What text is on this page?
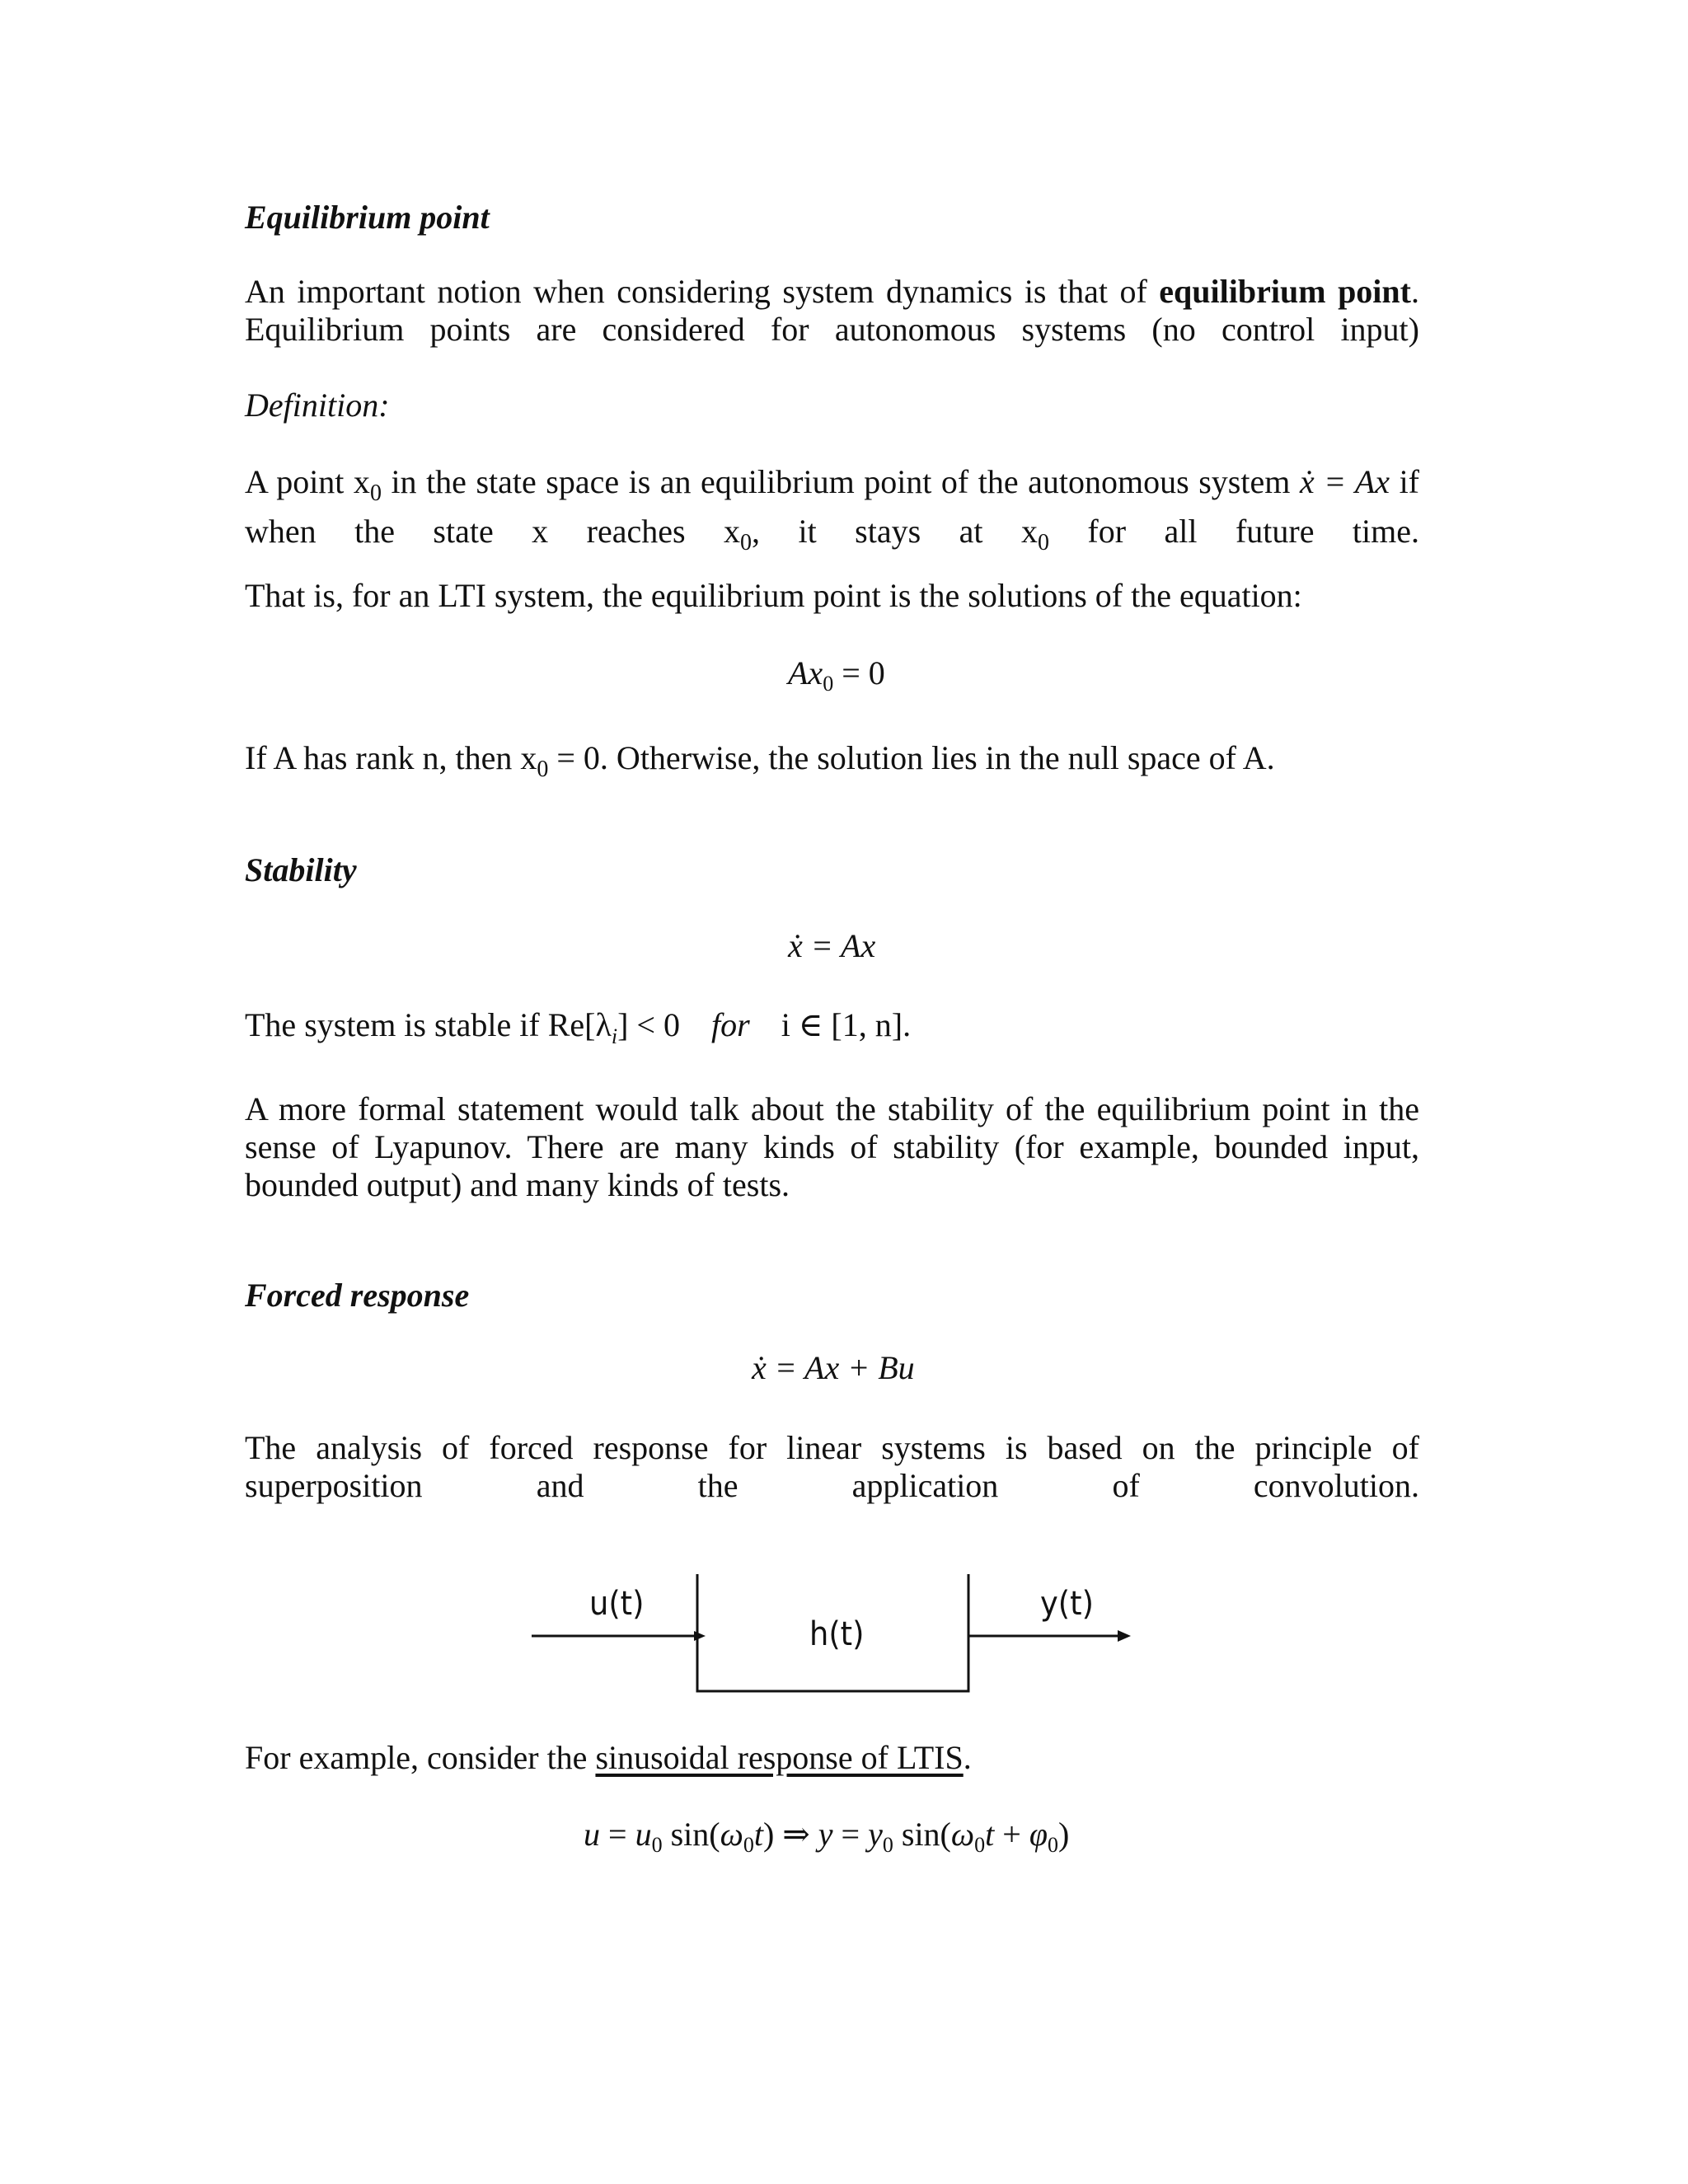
Equilibrium point
An important notion when considering system dynamics is that of equilibrium point. Equilibrium points are considered for autonomous systems (no control input)
Definition:
A point $x_0$ in the state space is an equilibrium point of the autonomous system ẋ = Ax if when the state x reaches $x_0$, it stays at $x_0$ for all future time.
That is, for an LTI system, the equilibrium point is the solutions of the equation:
$Ax_0 = 0$
If A has rank n, then $x_0 = 0$. Otherwise, the solution lies in the null space of A.
Stability
ẋ = Ax
The system is stable if $Re[\lambda_i] < 0$ for i ∈ [1, n].
A more formal statement would talk about the stability of the equilibrium point in the sense of Lyapunov. There are many kinds of stability (for example, bounded input, bounded output) and many kinds of tests.
Forced response
ẋ = Ax + Bu
The analysis of forced response for linear systems is based on the principle of superposition and the application of convolution.
u(t)
h(t)
y(t)
For example, consider the sinusoidal response of LTIS.
$u = u_0$ $\sin(\omega_0t)$ ⇒ $y = y_0$ $\sin(\omega_0t + \varphi_0)$
